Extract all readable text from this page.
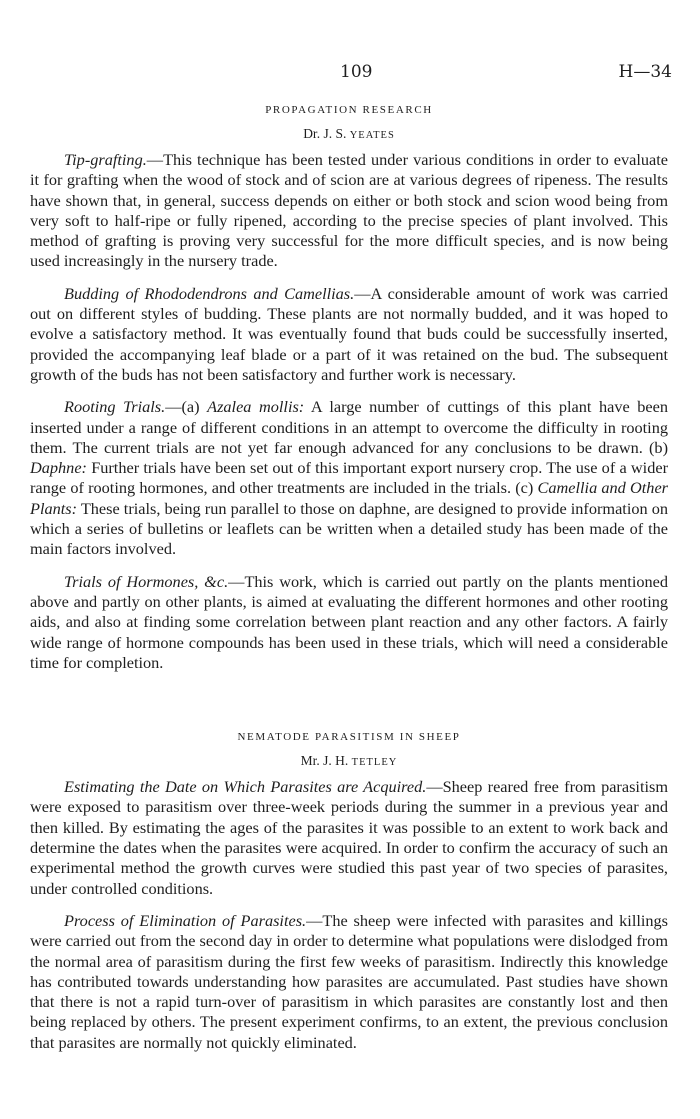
109	H—34
PROPAGATION RESEARCH
Dr. J. S. YEATES

Tip-grafting.—This technique has been tested under various conditions in order to evaluate it for grafting when the wood of stock and of scion are at various degrees of ripeness. The results have shown that, in general, success depends on either or both stock and scion wood being from very soft to half-ripe or fully ripened, according to the precise species of plant involved. This method of grafting is proving very successful for the more difficult species, and is now being used increasingly in the nursery trade.

Budding of Rhododendrons and Camellias.—A considerable amount of work was carried out on different styles of budding. These plants are not normally budded, and it was hoped to evolve a satisfactory method. It was eventually found that buds could be successfully inserted, provided the accompanying leaf blade or a part of it was retained on the bud. The subsequent growth of the buds has not been satisfactory and further work is necessary.

Rooting Trials.—(a) Azalea mollis: A large number of cuttings of this plant have been inserted under a range of different conditions in an attempt to overcome the difficulty in rooting them. The current trials are not yet far enough advanced for any conclusions to be drawn. (b) Daphne: Further trials have been set out of this important export nursery crop. The use of a wider range of rooting hormones, and other treatments are included in the trials. (c) Camellia and Other Plants: These trials, being run parallel to those on daphne, are designed to provide information on which a series of bulletins or leaflets can be written when a detailed study has been made of the main factors involved.

Trials of Hormones, &c.—This work, which is carried out partly on the plants mentioned above and partly on other plants, is aimed at evaluating the different hormones and other rooting aids, and also at finding some correlation between plant reaction and any other factors. A fairly wide range of hormone compounds has been used in these trials, which will need a considerable time for completion.

NEMATODE PARASITISM IN SHEEP
Mr. J. H. TETLEY

Estimating the Date on Which Parasites are Acquired.—Sheep reared free from parasitism were exposed to parasitism over three-week periods during the summer in a previous year and then killed. By estimating the ages of the parasites it was possible to an extent to work back and determine the dates when the parasites were acquired. In order to confirm the accuracy of such an experimental method the growth curves were studied this past year of two species of parasites, under controlled conditions.

Process of Elimination of Parasites.—The sheep were infected with parasites and killings were carried out from the second day in order to determine what populations were dislodged from the normal area of parasitism during the first few weeks of parasitism. Indirectly this knowledge has contributed towards understanding how parasites are accumulated. Past studies have shown that there is not a rapid turn-over of parasitism in which parasites are constantly lost and then being replaced by others. The present experiment confirms, to an extent, the previous conclusion that parasites are normally not quickly eliminated.
